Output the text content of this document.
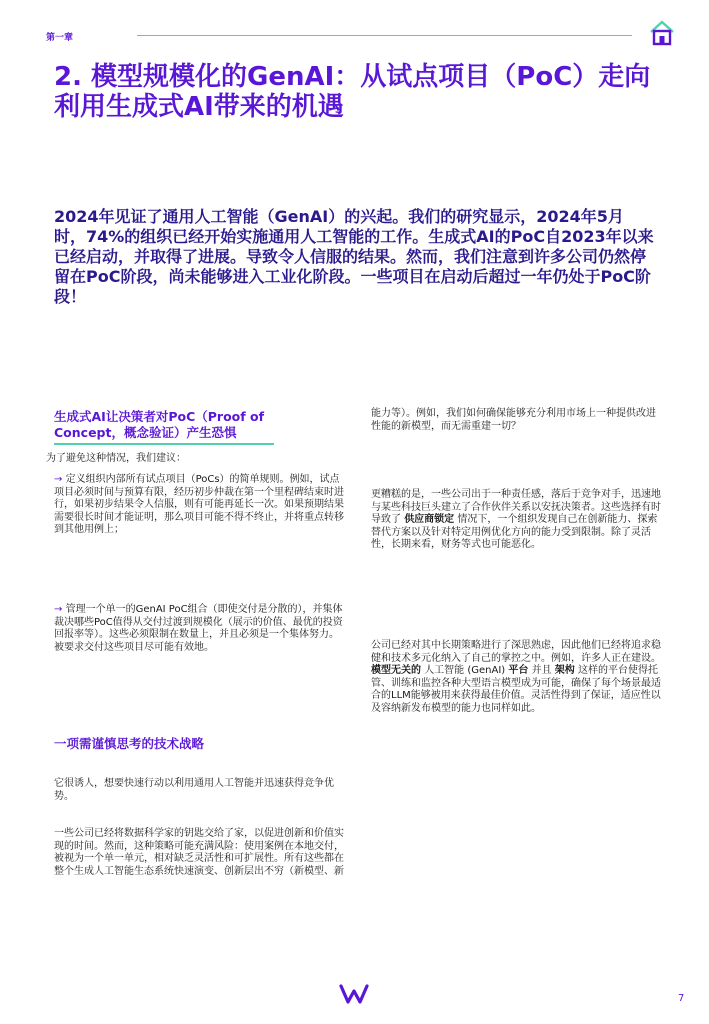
第一章
2. 模型规模化的GenAI：从试点项目（PoC）走向利用生成式AI带来的机遇
2024年见证了通用人工智能（GenAI）的兴起。我们的研究显示，2024年5月时，74%的组织已经开始实施通用人工智能的工作。生成式AI的PoC自2023年以来已经启动，并取得了进展。导致令人信服的结果。然而，我们注意到许多公司仍然停留在PoC阶段，尚未能够进入工业化阶段。一些项目在启动后超过一年仍处于PoC阶段！
生成式AI让决策者对PoC（Proof of Concept，概念验证）产生恐惧
为了避免这种情况，我们建议：
→ 定义组织内部所有试点项目（PoCs）的简单规则。例如，试点项目必须时间与预算有限，经历初步仲裁在第一个里程碑结束时进行，如果初步结果令人信服，则有可能再延长一次。如果预期结果需要很长时间才能证明，那么项目可能不得不终止，并将重点转移到其他用例上；
→ 管理一个单一的GenAI PoC组合（即使交付是分散的），并集体裁决哪些PoC值得从交付过渡到规模化（展示的价值、最优的投资回报率等）。这些必须限制在数量上，并且必须是一个集体努力。被要求交付这些项目尽可能有效地。
一项需谨慎思考的技术战略
它很诱人，想要快速行动以利用通用人工智能并迅速获得竞争优势。
一些公司已经将数据科学家的钥匙交给了家，以促进创新和价值实现的时间。然而，这种策略可能充满风险：使用案例在本地交付，被视为一个单一单元，相对缺乏灵活性和可扩展性。所有这些都在整个生成人工智能生态系统快速演变、创新层出不穷（新模型、新
能力等）。例如，我们如何确保能够充分利用市场上一种提供改进性能的新模型，而无需重建一切？
更糟糕的是，一些公司出于一种责任感，落后于竞争对手，迅速地与某些科技巨头建立了合作伙伴关系以安抚决策者。这些选择有时导致了 供应商锁定 情况下，一个组织发现自己在创新能力、探索替代方案以及针对特定用例优化方向的能力受到限制。除了灵活性，长期来看，财务等式也可能恶化。
公司已经对其中长期策略进行了深思熟虑，因此他们已经将追求稳健和技术多元化纳入了自己的掌控之中。例如，许多人正在建设。 模型无关的 人工智能 (GenAI) 平台 并且 架构 这样的平台使得托管、训练和监控各种大型语言模型成为可能，确保了每个场景最适合的LLM能够被用来获得最佳价值。灵活性得到了保证，适应性以及容纳新发布模型的能力也同样如此。
7
